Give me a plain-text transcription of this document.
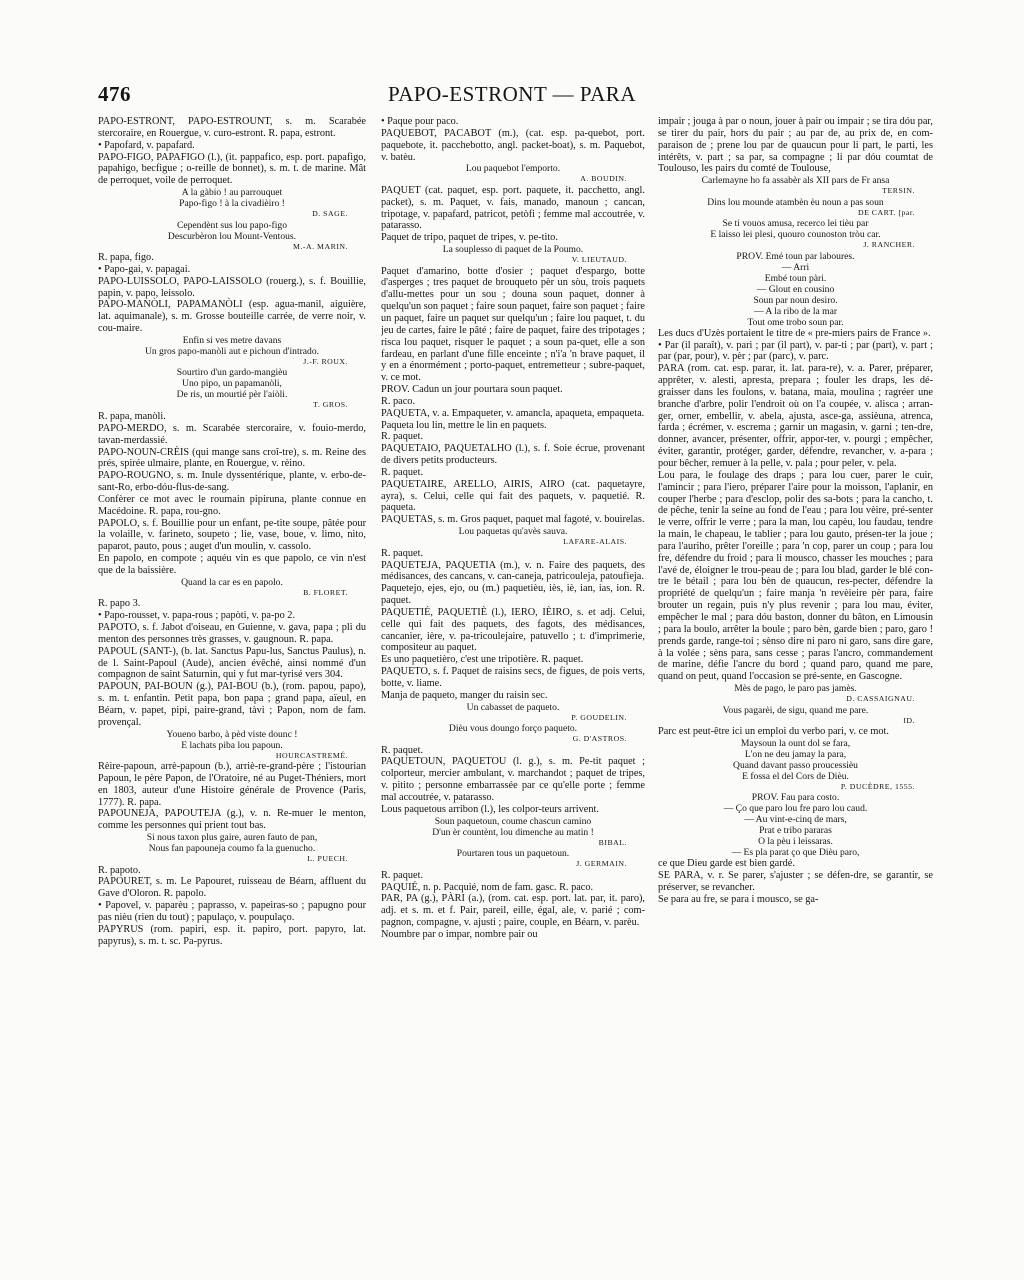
476	PAPO-ESTRONT — PARA

PAPO-ESTRONT, PAPO-ESTROUNT, s. m. Scarabée stercoraire, en Rouergue, v. curo-estront. R. papa, estront.

• Papofard, v. papafard.

PAPO-FIGO, PAPAFIGO (l.), (it. pappafico, esp. port. papafigo, papahigo, becfigue ; o-reille de bonnet), s. m. t. de marine. Mât de perroquet, voile de perroquet.

A la gàbio ! au parrouquet

Papo-figo ! à la civadièiro !

D. SAGE.

Cependènt sus lou papo-figo

Descurbèron lou Mount-Ventous.

M.-A. MARIN.

R. papa, figo.

• Papo-gai, v. papagai.

PAPO-LUISSOLO, PAPO-LAISSOLO (rouerg.), s. f. Bouillie, papin, v. papo, leissolo.

PAPO-MANÒLI, PAPAMANÒLI (esp. agua-manil, aiguière, lat. aquimanale), s. m. Grosse bouteille carrée, de verre noir, v. cou-maire.

Enfin si ves metre davans

Un gros papo-manòli aut e pichoun d'intrado.

J.-F. ROUX.

Sourtiro d'un gardo-mangièu

Uno pipo, un papamanòli,

De ris, un mourtié pèr l'aiòli.

T. GROS.

R. papa, manòli.

PAPO-MERDO, s. m. Scarabée stercoraire, v. fouio-merdo, tavan-merdassié.

PAPO-NOUN-CRÈIS (qui mange sans croî-tre), s. m. Reine des prés, spirée ulmaire, plante, en Rouergue, v. rèino.

PAPO-ROUGNO, s. m. Inule dyssentérique, plante, v. erbo-de-sant-Ro, erbo-dóu-flus-de-sang.

Confèrer ce mot avec le roumain pipiruna, plante connue en Macédoine. R. papa, rou-gno.

PAPOLO, s. f. Bouillie pour un enfant, pe-tite soupe, pâtée pour la volaille, v. farineto, soupeto ; lie, vase, boue, v. limo, nito, paparot, pauto, pous ; auget d'un moulin, v. cassolo.

En papolo, en compote ; aquéu vin es que papolo, ce vin n'est que de la baissière.

Quand la car es en papolo.

B. FLORET.

R. papo 3.

• Papo-rousset, v. papa-rous ; papòti, v. pa-po 2.

PAPOTO, s. f. Jabot d'oiseau, en Guienne, v. gava, papa ; pli du menton des personnes très grasses, v. gaugnoun. R. papa.

PAPOUL (SANT-), (b. lat. Sanctus Papu-lus, Sanctus Paulus), n. de l. Saint-Papoul (Aude), ancien évêché, ainsi nommé d'un compagnon de saint Saturnin, qui y fut mar-tyrisé vers 304.

PAPOUN, PAI-BOUN (g.), PAI-BOU (b.), (rom. papou, papo), s. m. t. enfantin. Petit papa, bon papa ; grand papa, aïeul, en Béarn, v. papet, pipi, paire-grand, tàvi ; Papon, nom de fam. provençal.

Youeno barbo, à pèd viste dounc !

E lachats piba lou papoun.

HOURCASTREMÉ.

Rèire-papoun, arrè-papoun (b.), arriè-re-grand-père ; l'istourian Papoun, le père Papon, de l'Oratoire, né au Puget-Théniers, mort en 1803, auteur d'une Histoire générale de Provence (Paris, 1777). R. papa.

PAPOUNEJA, PAPOUTEJA (g.), v. n. Re-muer le menton, comme les personnes qui prient tout bas.

Si nous taxon plus gaire, auren fauto de pan,

Nous fan papouneja coumo fa la guenucho.

L. PUECH.

R. papoto.

PAPOURET, s. m. Le Papouret, ruisseau de Béarn, affluent du Gave d'Oloron. R. papolo.

• Papovel, v. paparèu ; paprasso, v. papeiras-so ; papugno pour pas nièu (rien du tout) ; papulaço, v. poupulaço.

PAPYRUS (rom. papiri, esp. it. papiro, port. papyro, lat. papyrus), s. m. t. sc. Pa-pyrus.

• Paque pour paco.

PAQUEBOT, PACABOT (m.), (cat. esp. pa-quebot, port. paquebote, it. pacchebotto, angl. packet-boat), s. m. Paquebot, v. batèu.

Lou paquebot l'emporto.

A. BOUDIN.

PAQUET (cat. paquet, esp. port. paquete, it. pacchetto, angl. packet), s. m. Paquet, v. fais, manado, manoun ; cancan, tripotage, v. papafard, patricot, petòfi ; femme mal accoutrée, v. patarasso.

Paquet de tripo, paquet de tripes, v. pe-tito.

La souplesso di paquet de la Poumo.

V. LIEUTAUD.

Paquet d'amarino, botte d'osier ; paquet d'espargo, botte d'asperges ; tres paquet de brouqueto pèr un sòu, trois paquets d'allu-mettes pour un sou ; douna soun paquet, donner à quelqu'un son paquet ; faire soun paquet, faire son paquet ; faire un paquet, faire un paquet sur quelqu'un ; faire lou paquet, t. du jeu de cartes, faire le pâté ; faire de paquet, faire des tripotages ; risca lou paquet, risquer le paquet ; a soun pa-quet, elle a son fardeau, en parlant d'une fille enceinte ; n'i'a 'n brave paquet, il y en a énormément ; porto-paquet, entremetteur ; subre-paquet, v. ce mot.

PROV. Cadun un jour pourtara soun paquet.

R. paco.

PAQUETA, v. a. Empaqueter, v. amancla, apaqueta, empaqueta.

Paqueta lou lin, mettre le lin en paquets.

R. paquet.

PAQUETAIO, PAQUETALHO (l.), s. f. Soie écrue, provenant de divers petits producteurs.

R. paquet.

PAQUETAIRE, ARELLO, AIRIS, AIRO (cat. paquetayre, ayra), s. Celui, celle qui fait des paquets, v. paquetié. R. paqueta.

PAQUETAS, s. m. Gros paquet, paquet mal fagoté, v. bouirelas.

Lou paquetas qu'avès sauva.

LAFARE-ALAIS.

R. paquet.

PAQUETEJA, PAQUETIA (m.), v. n. Faire des paquets, des médisances, des cancans, v. can-caneja, patricouleja, patoufieja.

Paquetejo, ejes, ejo, ou (m.) paquetièu, iès, iè, ian, ias, ion. R. paquet.

PAQUETIÉ, PAQUETIÈ (l.), IERO, IÈIRO, s. et adj. Celui, celle qui fait des paquets, des fagots, des médisances, cancanier, ière, v. pa-tricoulejaire, patuvello ; t. d'imprimerie, compositeur au paquet.

Es uno paquetièro, c'est une tripotière. R. paquet.

PAQUETO, s. f. Paquet de raisins secs, de figues, de pois verts, botte, v. liame.

Manja de paqueto, manger du raisin sec.

Un cabasset de paqueto.

P. GOUDELIN.

Dièu vous doungo forço paqueto.

G. D'ASTROS.

R. paquet.

PAQUETOUN, PAQUETOU (l. g.), s. m. Pe-tit paquet ; colporteur, mercier ambulant, v. marchandot ; paquet de tripes, v. pitito ; personne embarrassée par ce qu'elle porte ; femme mal accoutrée, v. patarasso.

Lous paquetous arribon (l.), les colpor-teurs arrivent.

Soun paquetoun, coume chascun camino

D'un èr countènt, lou dimenche au matin !

BIBAL.

Pourtaren tous un paquetoun.

J. GERMAIN.

R. paquet.

PAQUIÉ, n. p. Pacquié, nom de fam. gasc. R. paco.

PAR, PA (g.), PÀRI (a.), (rom. cat. esp. port. lat. par, it. paro), adj. et s. m. et f. Pair, pareil, eille, égal, ale, v. parié ; com-pagnon, compagne, v. ajusti ; paire, couple, en Béarn, v. parèu.

Noumbre par o impar, nombre pair ou

impair ; jouga à par o noun, jouer à pair ou impair ; se tira dóu par, se tirer du pair, hors du pair ; au par de, au prix de, en com-paraison de ; prene lou par de quaucun pour li part, le parti, les intérêts, v. part ; sa par, sa compagne ; li par dóu coumtat de Toulouso, les pairs du comté de Toulouse,

Carlemayne ho fa assabèr als XII pars de Fr ansa

TERSIN.

Dins lou mounde atambèn èu noun a pas soun

DE CART. [par.

Se ti vouos amusa, recerco lei tièu par

E laisso lei plesi, quouro counoston tròu car.

J. RANCHER.

PROV. Emé toun par laboures.

— Arri

Embé toun pàri.

— Glout en cousino

Soun par noun desiro.

— A la ribo de la mar

Tout ome trobo soun par.

Les ducs d'Uzès portaient le titre de « pre-miers pairs de France ».

• Par (il paraît), v. pari ; par (il part), v. par-ti ; par (part), v. part ; par (par, pour), v. pèr ; par (parc), v. parc.

PARA (rom. cat. esp. parar, it. lat. para-re), v. a. Parer, préparer, apprêter, v. alesti, apresta, prepara ; fouler les draps, les dé-graisser dans les foulons, v. batana, maia, moulina ; ragréer une branche d'arbre, polir l'endroit où on l'a coupée, v. alisca ; arran-ger, orner, embellir, v. abela, ajusta, asce-ga, assièuna, atrenca, farda ; écrémer, v. escrema ; garnir un magasin, v. garni ; ten-dre, donner, avancer, présenter, offrir, appor-ter, v. pourgi ; empêcher, éviter, garantir, protéger, garder, défendre, revancher, v. a-para ; pour bêcher, remuer à la pelle, v. pala ; pour peler, v. pela.

Lou para, le foulage des draps ; para lou cuer, parer le cuir, l'amincir ; para l'iero, préparer l'aire pour la moisson, l'aplanir, en couper l'herbe ; para d'esclop, polir des sa-bots ; para la cancho, t. de pêche, tenir la seine au fond de l'eau ; para lou vèire, pré-senter le verre, offrir le verre ; para la man, lou capèu, lou faudau, tendre la main, le chapeau, le tablier ; para lou gauto, présen-ter la joue ; para l'auriho, prêter l'oreille ; para 'n cop, parer un coup ; para lou fre, défendre du froid ; para li mousco, chasser les mouches ; para l'avé de, éloigner le trou-peau de ; para lou blad, garder le blé con-tre le bétail ; para lou bèn de quaucun, res-pecter, défendre la propriété de quelqu'un ; faire manja 'n revèieire pèr para, faire brouter un regain, puis n'y plus revenir ; para lou mau, éviter, empêcher le mal ; para dóu baston, donner du bâton, en Limousin ; para la boulo, arrêter la boule ; paro bèn, garde bien ; paro, garo ! prends garde, range-toi ; sènso dire ni paro ni garo, sans dire gare, à la volée ; sèns para, sans cesse ; paras l'ancro, commandement de marine, défie l'ancre du bord ; quand paro, quand me pare, quand on peut, quand l'occasion se pré-sente, en Gascogne.

Mès de pago, le paro pas jamès.

D. CASSAIGNAU.

Vous pagarèi, de sigu, quand me pare.

ID.

Parc est peut-être ici un emploi du verbo pari, v. ce mot.

Maysoun la ount dol se fara,

L'on ne deu jamay la para,

Quand davant passo proucessièu

E fossa el del Cors de Dièu.

P. DUCÈDRE, 1555.

PROV. Fau para costo.

— Ço que paro lou fre paro lou caud.

— Au vint-e-cinq de mars,

Prat e tribo pararas

O la pèu i leissaras.

— Es pla parat ço que Dièu paro,

ce que Dieu garde est bien gardé.

SE PARA, v. r. Se parer, s'ajuster ; se défen-dre, se garantir, se préserver, se revancher.

Se para au fre, se para i mousco, se ga-
